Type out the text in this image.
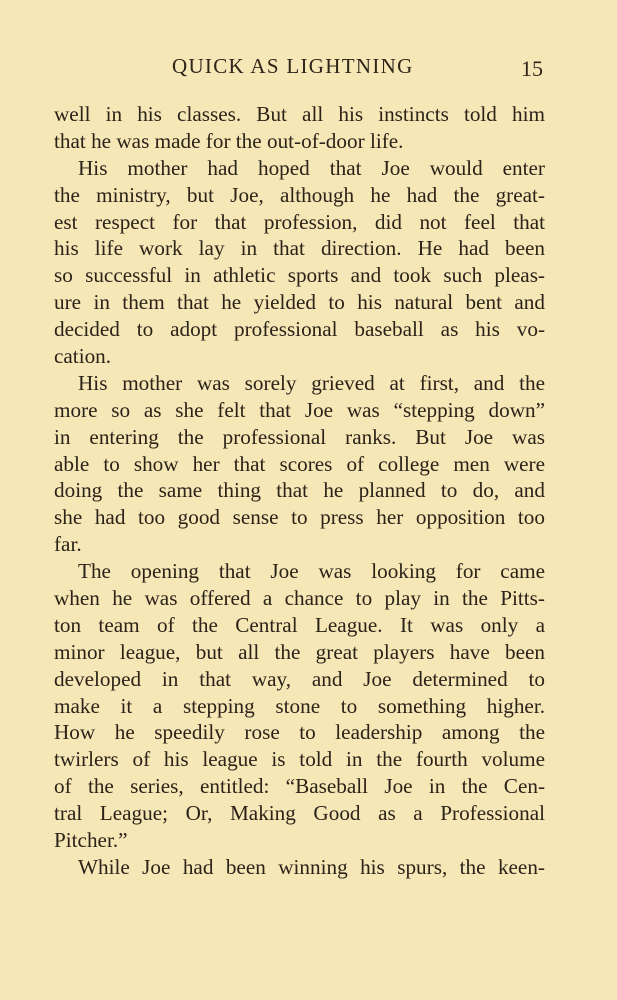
QUICK AS LIGHTNING	15
well in his classes. But all his instincts told him
that he was made for the out-of-door life.
His mother had hoped that Joe would enter
the ministry, but Joe, although he had the great-
est respect for that profession, did not feel that
his life work lay in that direction. He had been
so successful in athletic sports and took such pleas-
ure in them that he yielded to his natural bent and
decided to adopt professional baseball as his vo-
cation.
His mother was sorely grieved at first, and the
more so as she felt that Joe was “stepping down”
in entering the professional ranks. But Joe was
able to show her that scores of college men were
doing the same thing that he planned to do, and
she had too good sense to press her opposition too
far.
The opening that Joe was looking for came
when he was offered a chance to play in the Pitts-
ton team of the Central League. It was only a
minor league, but all the great players have been
developed in that way, and Joe determined to
make it a stepping stone to something higher.
How he speedily rose to leadership among the
twirlers of his league is told in the fourth volume
of the series, entitled: “Baseball Joe in the Cen-
tral League; Or, Making Good as a Professional
Pitcher.”
While Joe had been winning his spurs, the keen-
